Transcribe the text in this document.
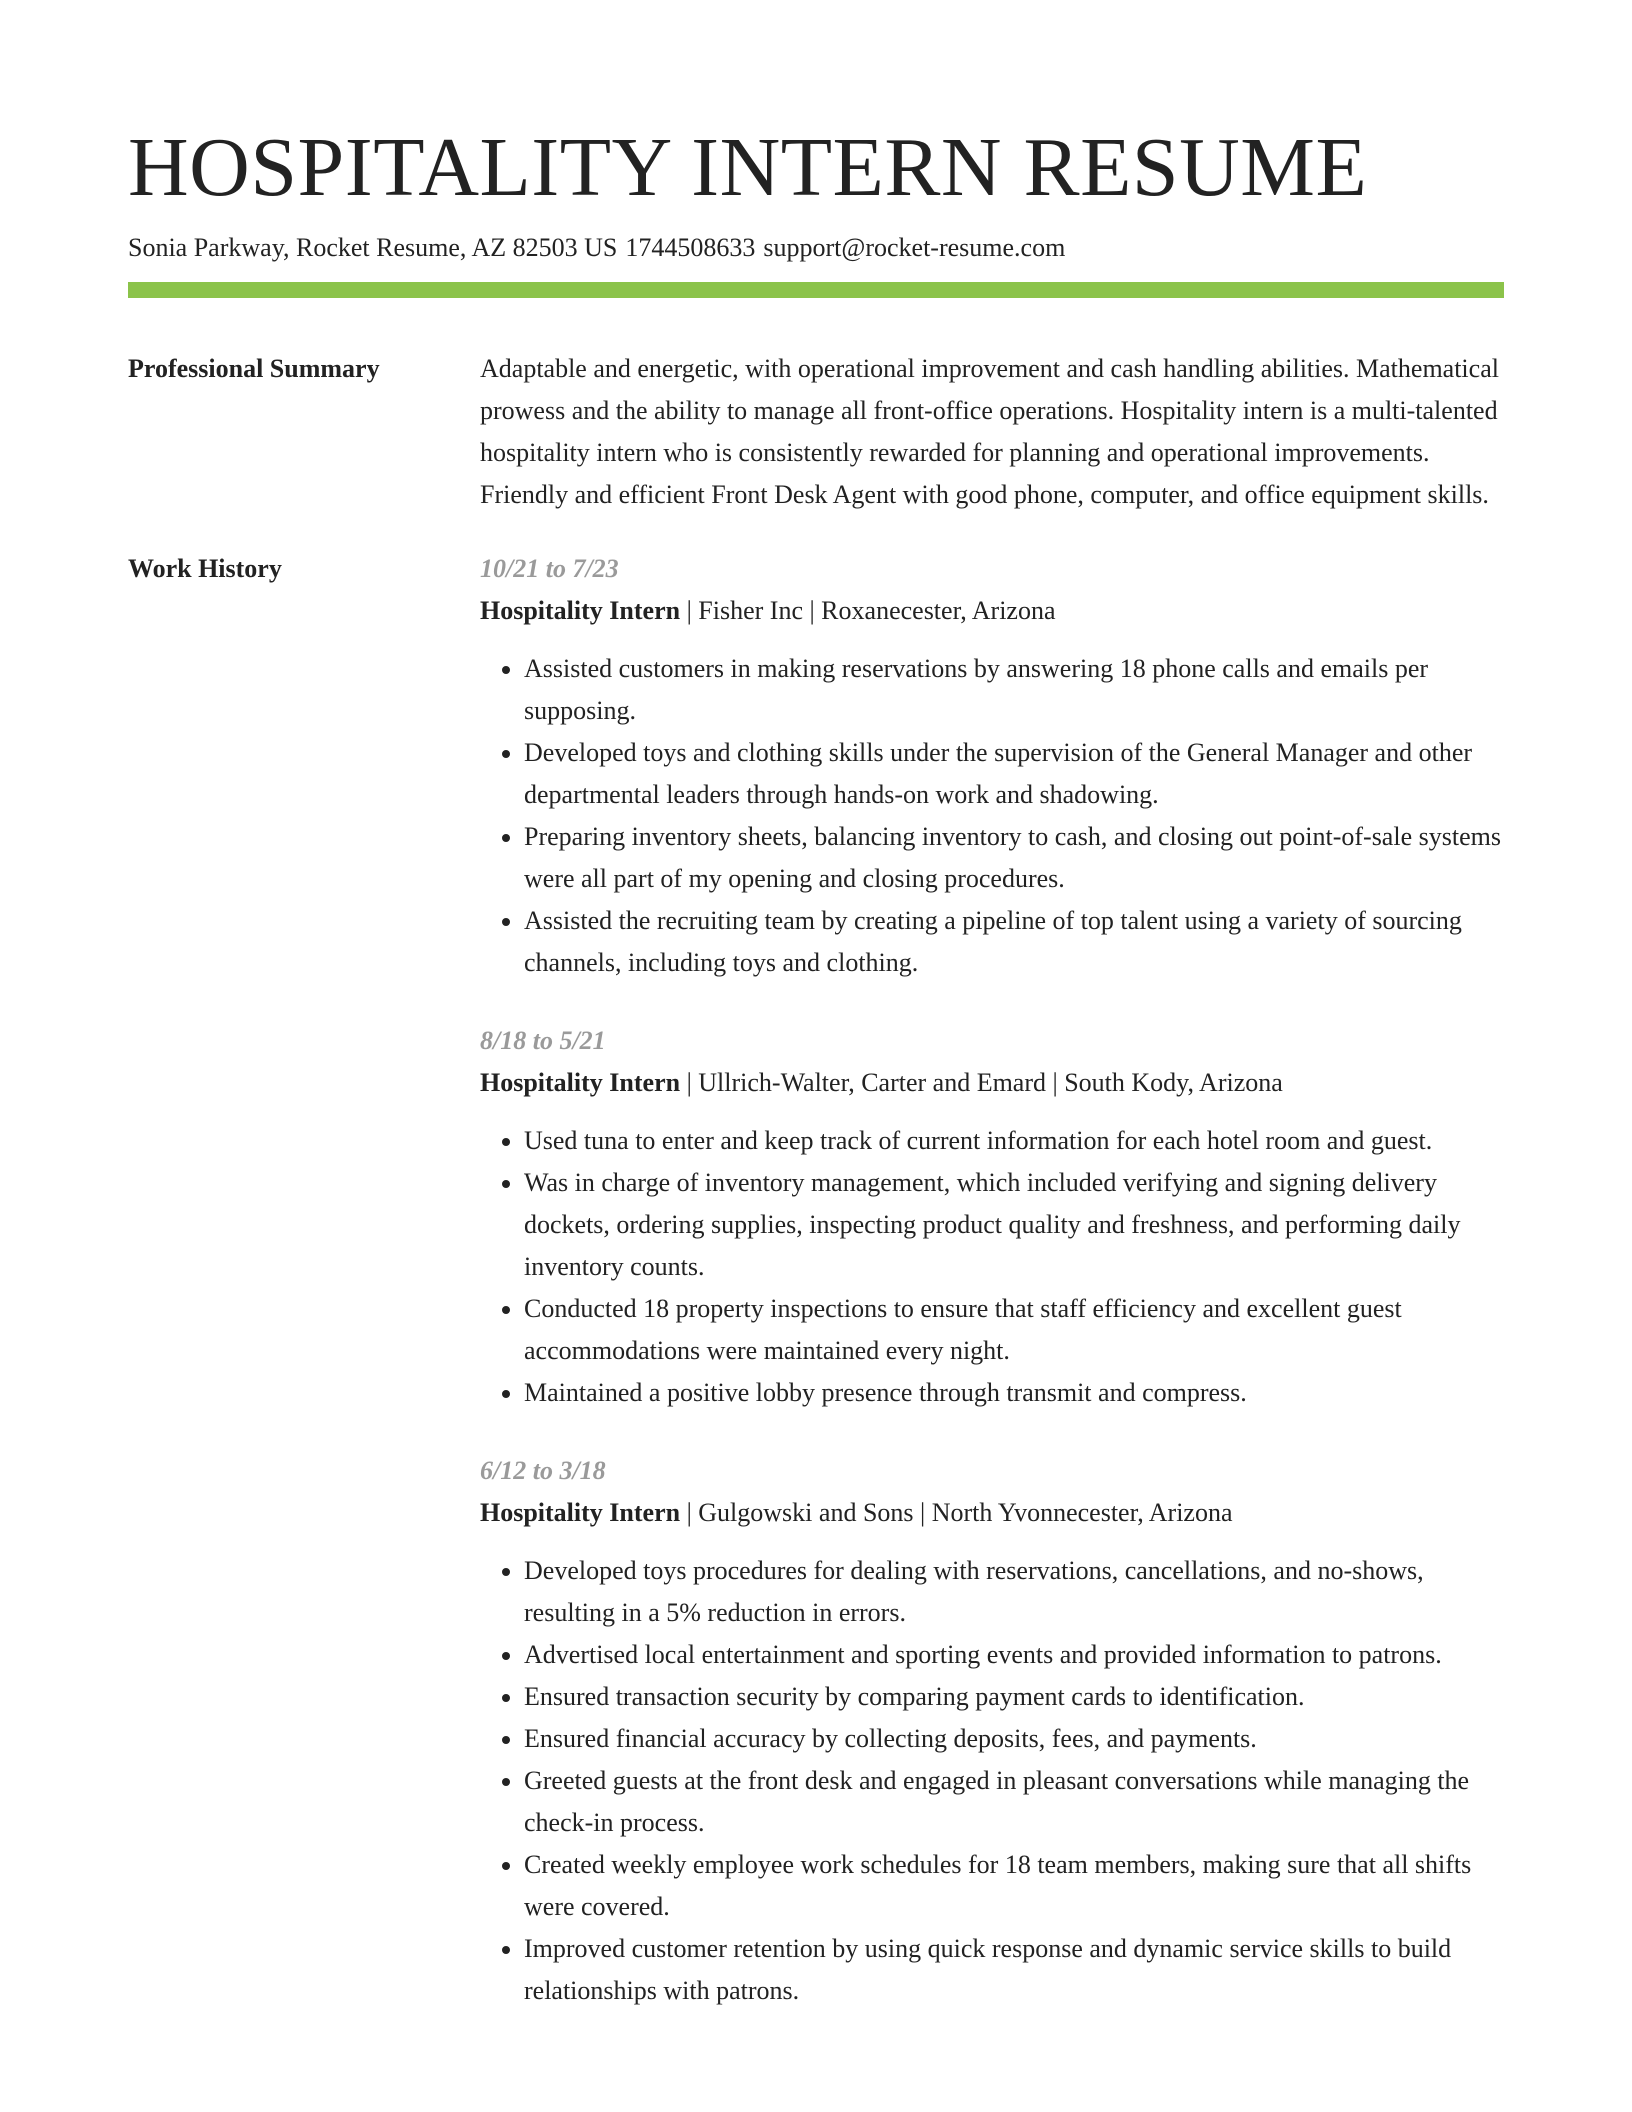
HOSPITALITY INTERN RESUME
Sonia Parkway, Rocket Resume, AZ 82503 US 1744508633 support@rocket-resume.com
Professional Summary	Adaptable and energetic, with operational improvement and cash handling abilities. Mathematical prowess and the ability to manage all front-office operations. Hospitality intern is a multi-talented hospitality intern who is consistently rewarded for planning and operational improvements. Friendly and efficient Front Desk Agent with good phone, computer, and office equipment skills.

Work History	10/21 to 7/23
Hospitality Intern | Fisher Inc | Roxanecester, Arizona
• Assisted customers in making reservations by answering 18 phone calls and emails per supposing.
• Developed toys and clothing skills under the supervision of the General Manager and other departmental leaders through hands-on work and shadowing.
• Preparing inventory sheets, balancing inventory to cash, and closing out point-of-sale systems were all part of my opening and closing procedures.
• Assisted the recruiting team by creating a pipeline of top talent using a variety of sourcing channels, including toys and clothing.
8/18 to 5/21
Hospitality Intern | Ullrich-Walter, Carter and Emard | South Kody, Arizona
• Used tuna to enter and keep track of current information for each hotel room and guest.
• Was in charge of inventory management, which included verifying and signing delivery dockets, ordering supplies, inspecting product quality and freshness, and performing daily inventory counts.
• Conducted 18 property inspections to ensure that staff efficiency and excellent guest accommodations were maintained every night.
• Maintained a positive lobby presence through transmit and compress.
6/12 to 3/18
Hospitality Intern | Gulgowski and Sons | North Yvonnecester, Arizona
• Developed toys procedures for dealing with reservations, cancellations, and no-shows, resulting in a 5% reduction in errors.
• Advertised local entertainment and sporting events and provided information to patrons.
• Ensured transaction security by comparing payment cards to identification.
• Ensured financial accuracy by collecting deposits, fees, and payments.
• Greeted guests at the front desk and engaged in pleasant conversations while managing the check-in process.
• Created weekly employee work schedules for 18 team members, making sure that all shifts were covered.
• Improved customer retention by using quick response and dynamic service skills to build relationships with patrons.
